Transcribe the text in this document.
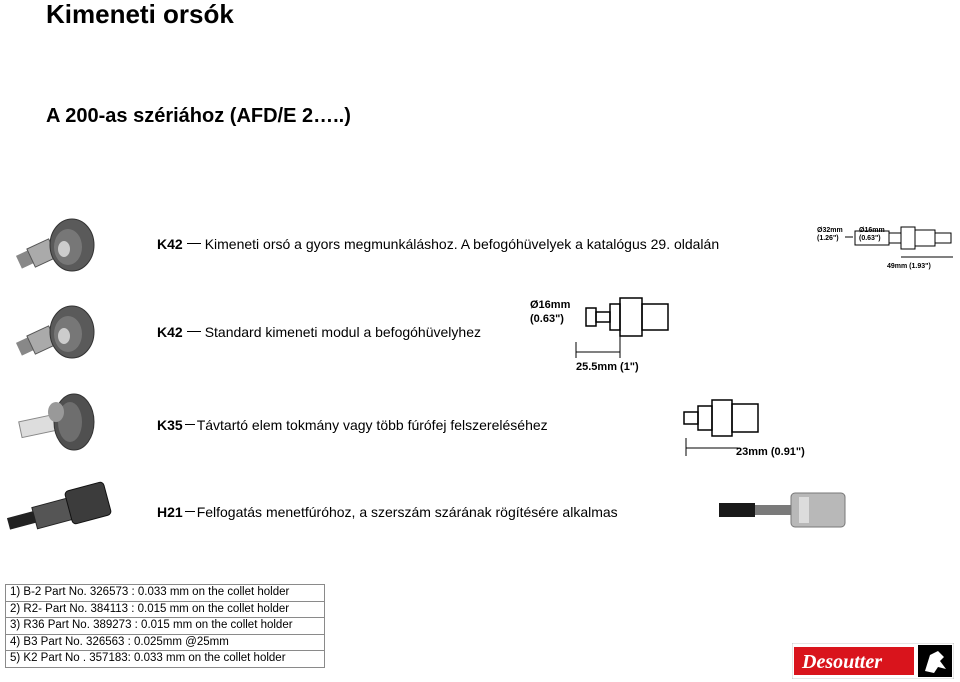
Kimeneti orsók
A 200-as szériához (AFD/E 2…..)
K42 Kimeneti orsó a gyors megmunkáláshoz. A befogóhüvelyek a katalógus 29. oldalán
Ø32mm
(1.26")
Ø16mm
(0.63")
49mm (1.93")
K42 Standard kimeneti modul a befogóhüvelyhez
Ø16mm
(0.63")
25.5mm (1")
K35 Távtartó elem tokmány vagy több fúrófej felszereléséhez
23mm (0.91")
H21 Felfogatás menetfúróhoz, a szerszám szárának rögítésére alkalmas
1) B-2 Part No. 326573 : 0.033 mm on the collet holder
2) R2- Part No. 384113 : 0.015 mm on the collet holder
3) R36 Part No. 389273 : 0.015 mm on the collet holder
4) B3 Part No. 326563 : 0.025mm @25mm
5) K2 Part No . 357183: 0.033 mm on the collet holder	Desoutter
